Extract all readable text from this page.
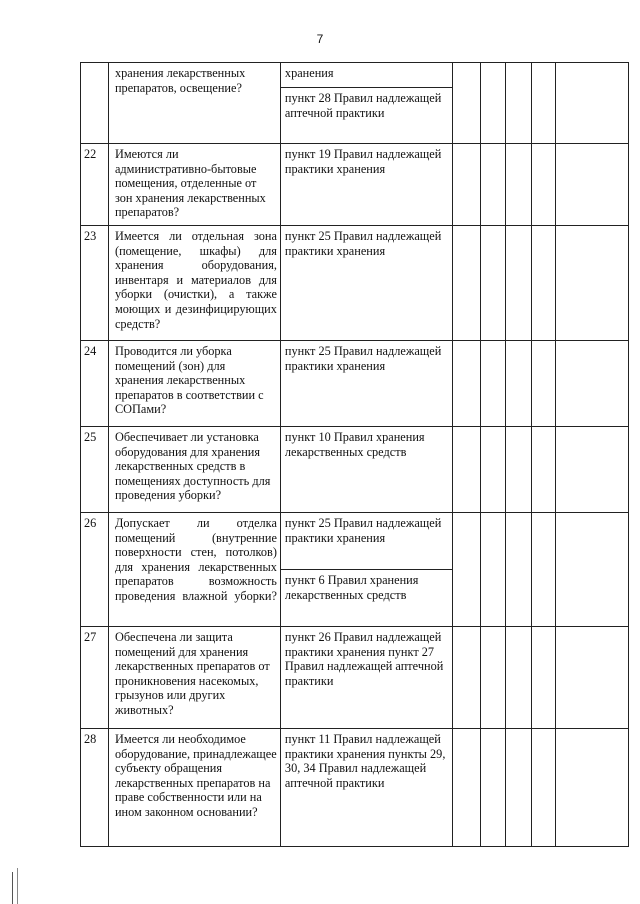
7
	хранения лекарственных препаратов, освещение?	хранения					
		пункт 28 Правил надлежащей аптечной практики					
22	Имеются ли административно-бытовые помещения, отделенные от зон хранения лекарственных препаратов?	пункт 19 Правил надлежащей практики хранения					
23	Имеется ли отдельная зона (помещение, шкафы) для хранения оборудования, инвентаря и материалов для уборки (очистки), а также моющих и дезинфицирующих средств?	пункт 25 Правил надлежащей практики хранения					
24	Проводится ли уборка помещений (зон) для хранения лекарственных препаратов в соответствии с СОПами?	пункт 25 Правил надлежащей практики хранения					
25	Обеспечивает ли установка оборудования для хранения лекарственных средств в помещениях доступность для проведения уборки?	пункт 10 Правил хранения лекарственных средств					
26	Допускает ли отделка помещений (внутренние поверхности стен, потолков) для хранения лекарственных препаратов возможность проведения влажной уборки?	пункт 25 Правил надлежащей практики хранения					
		пункт 6 Правил хранения лекарственных средств					
27	Обеспечена ли защита помещений для хранения лекарственных препаратов от проникновения насекомых, грызунов или других животных?	пункт 26 Правил надлежащей практики хранения пункт 27 Правил надлежащей аптечной практики					
28	Имеется ли необходимое оборудование, принадлежащее субъекту обращения лекарственных препаратов на праве собственности или на ином законном основании?	пункт 11 Правил надлежащей практики хранения пункты 29, 30, 34 Правил надлежащей аптечной практики					
